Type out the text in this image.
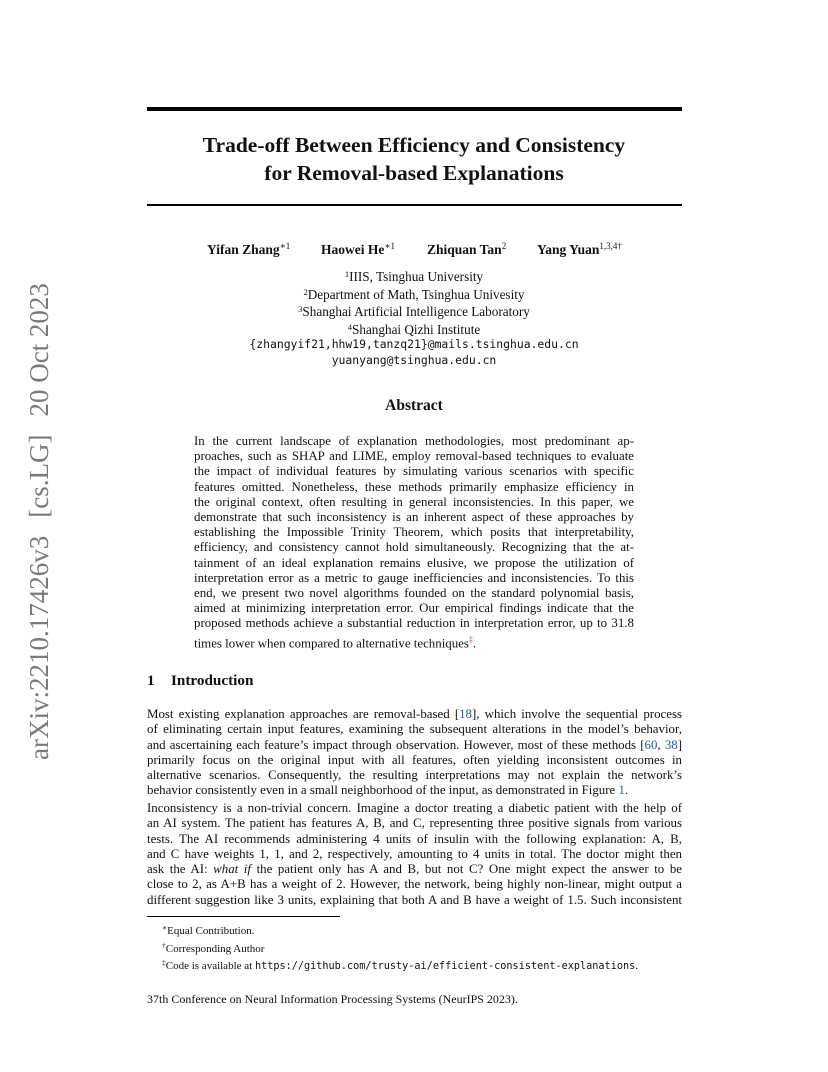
arXiv:2210.17426v3
[cs.LG]
20 Oct 2023
Trade-off Between Efficiency and Consistency
for Removal-based Explanations
Yifan Zhang$^{∗1}$ Haowei $He^{∗1}$ Zhiquan Tan$^2$ Yang Yuan$^{1,3,4\dagger}$
$^1$IIIS, Tsinghua University
$^2$Department of Math, Tsinghua Univesity
$^3$Shanghai Artificial Intelligence Laboratory
$^4$Shanghai Qizhi Institute
{zhangyif21,hhw19,tanzq21}@mails.tsinghua.edu.cn
yuanyang@tsinghua.edu.cn
Abstract
In the current landscape of explanation methodologies, most predominant ap-
proaches, such as SHAP and LIME, employ removal-based techniques to evaluate
the impact of individual features by simulating various scenarios with specific
features omitted. Nonetheless, these methods primarily emphasize efficiency in
the original context, often resulting in general inconsistencies. In this paper, we
demonstrate that such inconsistency is an inherent aspect of these approaches by
establishing the Impossible Trinity Theorem, which posits that interpretability,
efficiency, and consistency cannot hold simultaneously. Recognizing that the at-
tainment of an ideal explanation remains elusive, we propose the utilization of
interpretation error as a metric to gauge inefficiencies and inconsistencies. To this
end, we present two novel algorithms founded on the standard polynomial basis,
aimed at minimizing interpretation error. Our empirical findings indicate that the
proposed methods achieve a substantial reduction in interpretation error, up to 31.8
times lower when compared to alternative techniques‡.
1 Introduction
Most existing explanation approaches are removal-based [18], which involve the sequential process
of eliminating certain input features, examining the subsequent alterations in the model’s behavior,
and ascertaining each feature’s impact through observation. However, most of these methods [60, 38]
primarily focus on the original input with all features, often yielding inconsistent outcomes in
alternative scenarios. Consequently, the resulting interpretations may not explain the network’s
behavior consistently even in a small neighborhood of the input, as demonstrated in Figure 1.
Inconsistency is a non-trivial concern. Imagine a doctor treating a diabetic patient with the help of
an AI system. The patient has features A, B, and C, representing three positive signals from various
tests. The AI recommends administering 4 units of insulin with the following explanation: A, B,
and C have weights 1, 1, and 2, respectively, amounting to 4 units in total. The doctor might then
ask the AI: what if the patient only has A and B, but not C? One might expect the answer to be
close to 2, as A+B has a weight of 2. However, the network, being highly non-linear, might output a
different suggestion like 3 units, explaining that both A and B have a weight of 1.5. Such inconsistent
∗Equal Contribution.
†Corresponding Author
‡Code is available at https://github.com/trusty-ai/efficient-consistent-explanations.
37th Conference on Neural Information Processing Systems (NeurIPS 2023).
